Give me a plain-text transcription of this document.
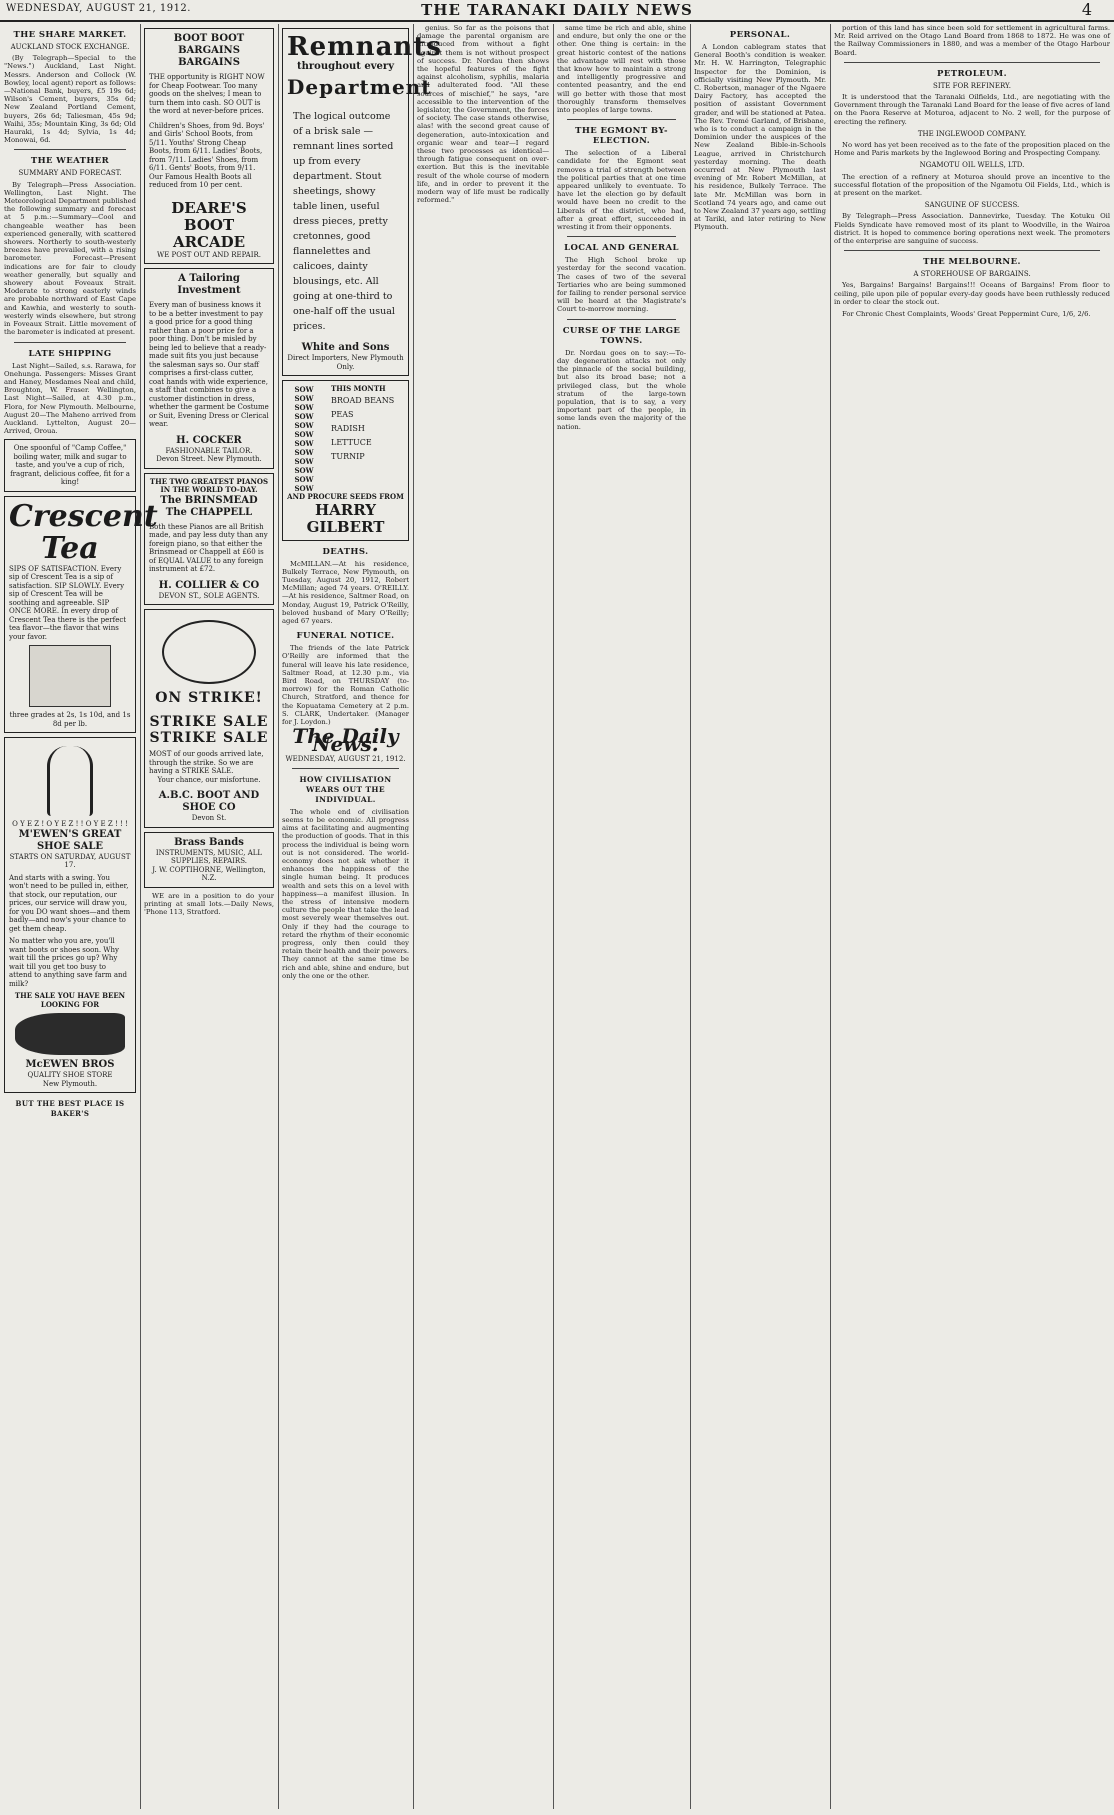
WEDNESDAY, AUGUST 21, 1912.	THE TARANAKI DAILY NEWS	4
THE SHARE MARKET.
AUCKLAND STOCK EXCHANGE.

(By Telegraph—Special to the "News.") Auckland, Last Night. Messrs. Anderson and Collock (W. Bowley, local agent) report as follows:—National Bank, buyers, £5 19s 6d; Wilson's Cement, buyers, 35s 6d; New Zealand Portland Cement, buyers, 26s 6d; Taliesman, 45s 9d; Waihi, 35s; Mountain King, 3s 6d; Old Hauraki, 1s 4d; Sylvia, 1s 4d; Monowai, 6d.

THE WEATHER
SUMMARY AND FORECAST.

By Telegraph—Press Association. Wellington, Last Night. The Meteorological Department published the following summary and forecast at 5 p.m.:—Summary—Cool and changeable weather has been experienced generally, with scattered showers. Northerly to south-westerly breezes have prevailed, with a rising barometer. Forecast—Present indications are for fair to cloudy weather generally, but squally and showery about Foveaux Strait. Moderate to strong easterly winds are probable northward of East Cape and Kawhia, and westerly to south-westerly winds elsewhere, but strong in Foveaux Strait. Little movement of the barometer is indicated at present.

LATE SHIPPING

Last Night—Sailed, s.s. Rarawa, for Onehunga. Passengers: Misses Grant and Haney, Mesdames Neal and child, Broughton, W. Fraser. Wellington, Last Night—Sailed, at 4.30 p.m., Flora, for New Plymouth. Melbourne, August 20—The Maheno arrived from Auckland. Lyttelton, August 20—Arrived, Oroua.

One spoonful of "Camp Coffee," boiling water, milk and sugar to taste, and you've a cup of rich, fragrant, delicious coffee, fit for a king!
Crescent Tea
SIPS OF SATISFACTION. Every sip of Crescent Tea is a sip of satisfaction. SIP SLOWLY. Every sip of Crescent Tea will be soothing and agreeable. SIP ONCE MORE. In every drop of Crescent Tea there is the perfect tea flavor—the flavor that wins your favor.
three grades at 2s, 1s 10d, and 1s 8d per lb.
O Y E Z ! O Y E Z ! ! O Y E Z ! ! !
M'EWEN'S GREAT SHOE SALE
STARTS ON SATURDAY, AUGUST 17.
And starts with a swing. You won't need to be pulled in, either, that stock, our reputation, our prices, our service will draw you, for you DO want shoes—and them badly—and now's your chance to get them cheap.
No matter who you are, you'll want boots or shoes soon. Why wait till the prices go up? Why wait till you get too busy to attend to anything save farm and milk?
THE SALE YOU HAVE BEEN LOOKING FOR
McEWEN BROS
QUALITY SHOE STORE
New Plymouth.
BUT THE BEST PLACE IS BAKER'S
BOOT BOOT BARGAINS BARGAINS
THE opportunity is RIGHT NOW for Cheap Footwear. Too many goods on the shelves; I mean to turn them into cash. SO OUT is the word at never-before prices.
Children's Shoes, from 9d. Boys' and Girls' School Boots, from 5/11. Youths' Strong Cheap Boots, from 6/11. Ladies' Boots, from 7/11. Ladies' Shoes, from 6/11. Gents' Boots, from 9/11. Our Famous Health Boots all reduced from 10 per cent.
DEARE'S BOOT ARCADE
WE POST OUT AND REPAIR.
A Tailoring Investment
Every man of business knows it to be a better investment to pay a good price for a good thing rather than a poor price for a poor thing. Don't be misled by being led to believe that a ready-made suit fits you just because the salesman says so. Our staff comprises a first-class cutter, coat hands with wide experience, a staff that combines to give a customer distinction in dress, whether the garment be Costume or Suit, Evening Dress or Clerical wear.
H. COCKER
FASHIONABLE TAILOR.
Devon Street. New Plymouth.
THE TWO GREATEST PIANOS IN THE WORLD TO-DAY.
The BRINSMEAD
The CHAPPELL
Both these Pianos are all British made, and pay less duty than any foreign piano, so that either the Brinsmead or Chappell at £60 is of EQUAL VALUE to any foreign instrument at £72.
H. COLLIER & CO
DEVON ST., SOLE AGENTS.
ON STRIKE!
STRIKE SALE STRIKE SALE
MOST of our goods arrived late, through the strike. So we are having a STRIKE SALE.
Your chance, our misfortune.
A.B.C. BOOT AND SHOE CO
Devon St.
Brass Bands
INSTRUMENTS, MUSIC, ALL SUPPLIES, REPAIRS.
J. W. COPTIHORNE, Wellington, N.Z.

WE are in a position to do your printing at small lots.—Daily News, 'Phone 113, Stratford.

Remnants
throughout every
Department
The logical outcome of a brisk sale — remnant lines sorted up from every department. Stout sheetings, showy table linen, useful dress pieces, pretty cretonnes, good flannelettes and calicoes, dainty blousings, etc. All going at one-third to one-half off the usual prices.
White and Sons
Direct Importers, New Plymouth Only.
SOW
SOW
SOW
SOW
SOW
SOW
SOW
SOW
SOW
SOW
SOW
SOW
THIS MONTH
BROAD BEANS
PEAS
RADISH
LETTUCE
TURNIP
AND PROCURE SEEDS FROM
HARRY GILBERT
DEATHS.

McMILLAN.—At his residence, Bulkely Terrace, New Plymouth, on Tuesday, August 20, 1912, Robert McMillan; aged 74 years. O'REILLY.—At his residence, Saltmer Road, on Monday, August 19, Patrick O'Reilly, beloved husband of Mary O'Reilly; aged 67 years.

FUNERAL NOTICE.

The friends of the late Patrick O'Reilly are informed that the funeral will leave his late residence, Saltmer Road, at 12.30 p.m., via Bird Road, on THURSDAY (to-morrow) for the Roman Catholic Church, Stratford, and thence for the Kopuatama Cemetery at 2 p.m. S. CLARK, Undertaker. (Manager for J. Loydon.)

The Daily News.
WEDNESDAY, AUGUST 21, 1912.
HOW CIVILISATION WEARS OUT THE INDIVIDUAL.

The whole end of civilisation seems to be economic. All progress aims at facilitating and augmenting the production of goods. That in this process the individual is being worn out is not considered. The world-economy does not ask whether it enhances the happiness of the single human being. It produces wealth and sets this on a level with happiness—a manifest illusion. In the stress of intensive modern culture the people that take the lead most severely wear themselves out. Only if they had the courage to retard the rhythm of their economic progress, only then could they retain their health and their powers. They cannot at the same time be rich and able, shine and endure, but only the one or the other.

genius. So far as the poisons that damage the parental organism are introduced from without a fight against them is not without prospect of success. Dr. Nordau then shows the hopeful features of the fight against alcoholism, syphilis, malaria and adulterated food. "All these sources of mischief," he says, "are accessible to the intervention of the legislator, the Government, the forces of society. The case stands otherwise, alas! with the second great cause of degeneration, auto-intoxication and organic wear and tear—I regard these two processes as identical—through fatigue consequent on over-exertion. But this is the inevitable result of the whole course of modern life, and in order to prevent it the modern way of life must be radically reformed."

same time be rich and able, shine and endure, but only the one or the other. One thing is certain: in the great historic contest of the nations the advantage will rest with those that know how to maintain a strong and intelligently progressive and contented peasantry, and the end will go better with those that most thoroughly transform themselves into peoples of large towns.

THE EGMONT BY-ELECTION.

The selection of a Liberal candidate for the Egmont seat removes a trial of strength between the political parties that at one time appeared unlikely to eventuate. To have let the election go by default would have been no credit to the Liberals of the district, who had, after a great effort, succeeded in wresting it from their opponents.

LOCAL AND GENERAL

The High School broke up yesterday for the second vacation. The cases of two of the several Tertiaries who are being summoned for failing to render personal service will be heard at the Magistrate's Court to-morrow morning.

CURSE OF THE LARGE TOWNS.

Dr. Nordau goes on to say:—To-day degeneration attacks not only the pinnacle of the social building, but also its broad base; not a privileged class, but the whole stratum of the large-town population, that is to say, a very important part of the people, in some lands even the majority of the nation.

PERSONAL.

A London cablegram states that General Booth's condition is weaker. Mr. H. W. Harrington, Telegraphic Inspector for the Dominion, is officially visiting New Plymouth. Mr. C. Robertson, manager of the Ngaere Dairy Factory, has accepted the position of assistant Government grader, and will be stationed at Patea. The Rev. Tremé Garland, of Brisbane, who is to conduct a campaign in the Dominion under the auspices of the New Zealand Bible-in-Schools League, arrived in Christchurch yesterday morning. The death occurred at New Plymouth last evening of Mr. Robert McMillan, at his residence, Bulkely Terrace. The late Mr. McMillan was born in Scotland 74 years ago, and came out to New Zealand 37 years ago, settling at Tariki, and later retiring to New Plymouth.

portion of this land has since been sold for settlement in agricultural farms. Mr. Reid arrived on the Otago Land Board from 1868 to 1872. He was one of the Railway Commissioners in 1880, and was a member of the Otago Harbour Board.

PETROLEUM.
SITE FOR REFINERY.

It is understood that the Taranaki Oilfields, Ltd., are negotiating with the Government through the Taranaki Land Board for the lease of five acres of land on the Paora Reserve at Moturoa, adjacent to No. 2 well, for the purpose of erecting the refinery.

THE INGLEWOOD COMPANY.

No word has yet been received as to the fate of the proposition placed on the Home and Paris markets by the Inglewood Boring and Prospecting Company.

NGAMOTU OIL WELLS, LTD.

The erection of a refinery at Moturoa should prove an incentive to the successful flotation of the proposition of the Ngamotu Oil Fields, Ltd., which is at present on the market.

SANGUINE OF SUCCESS.

By Telegraph—Press Association. Dannevirke, Tuesday. The Kotuku Oil Fields Syndicate have removed most of its plant to Woodville, in the Wairoa district. It is hoped to commence boring operations next week. The promoters of the enterprise are sanguine of success.

THE MELBOURNE.
A STOREHOUSE OF BARGAINS.

Yes, Bargains! Bargains! Bargains!!! Oceans of Bargains! From floor to ceiling, pile upon pile of popular every-day goods have been ruthlessly reduced in order to clear the stock out.

For Chronic Chest Complaints, Woods' Great Peppermint Cure, 1/6, 2/6.
